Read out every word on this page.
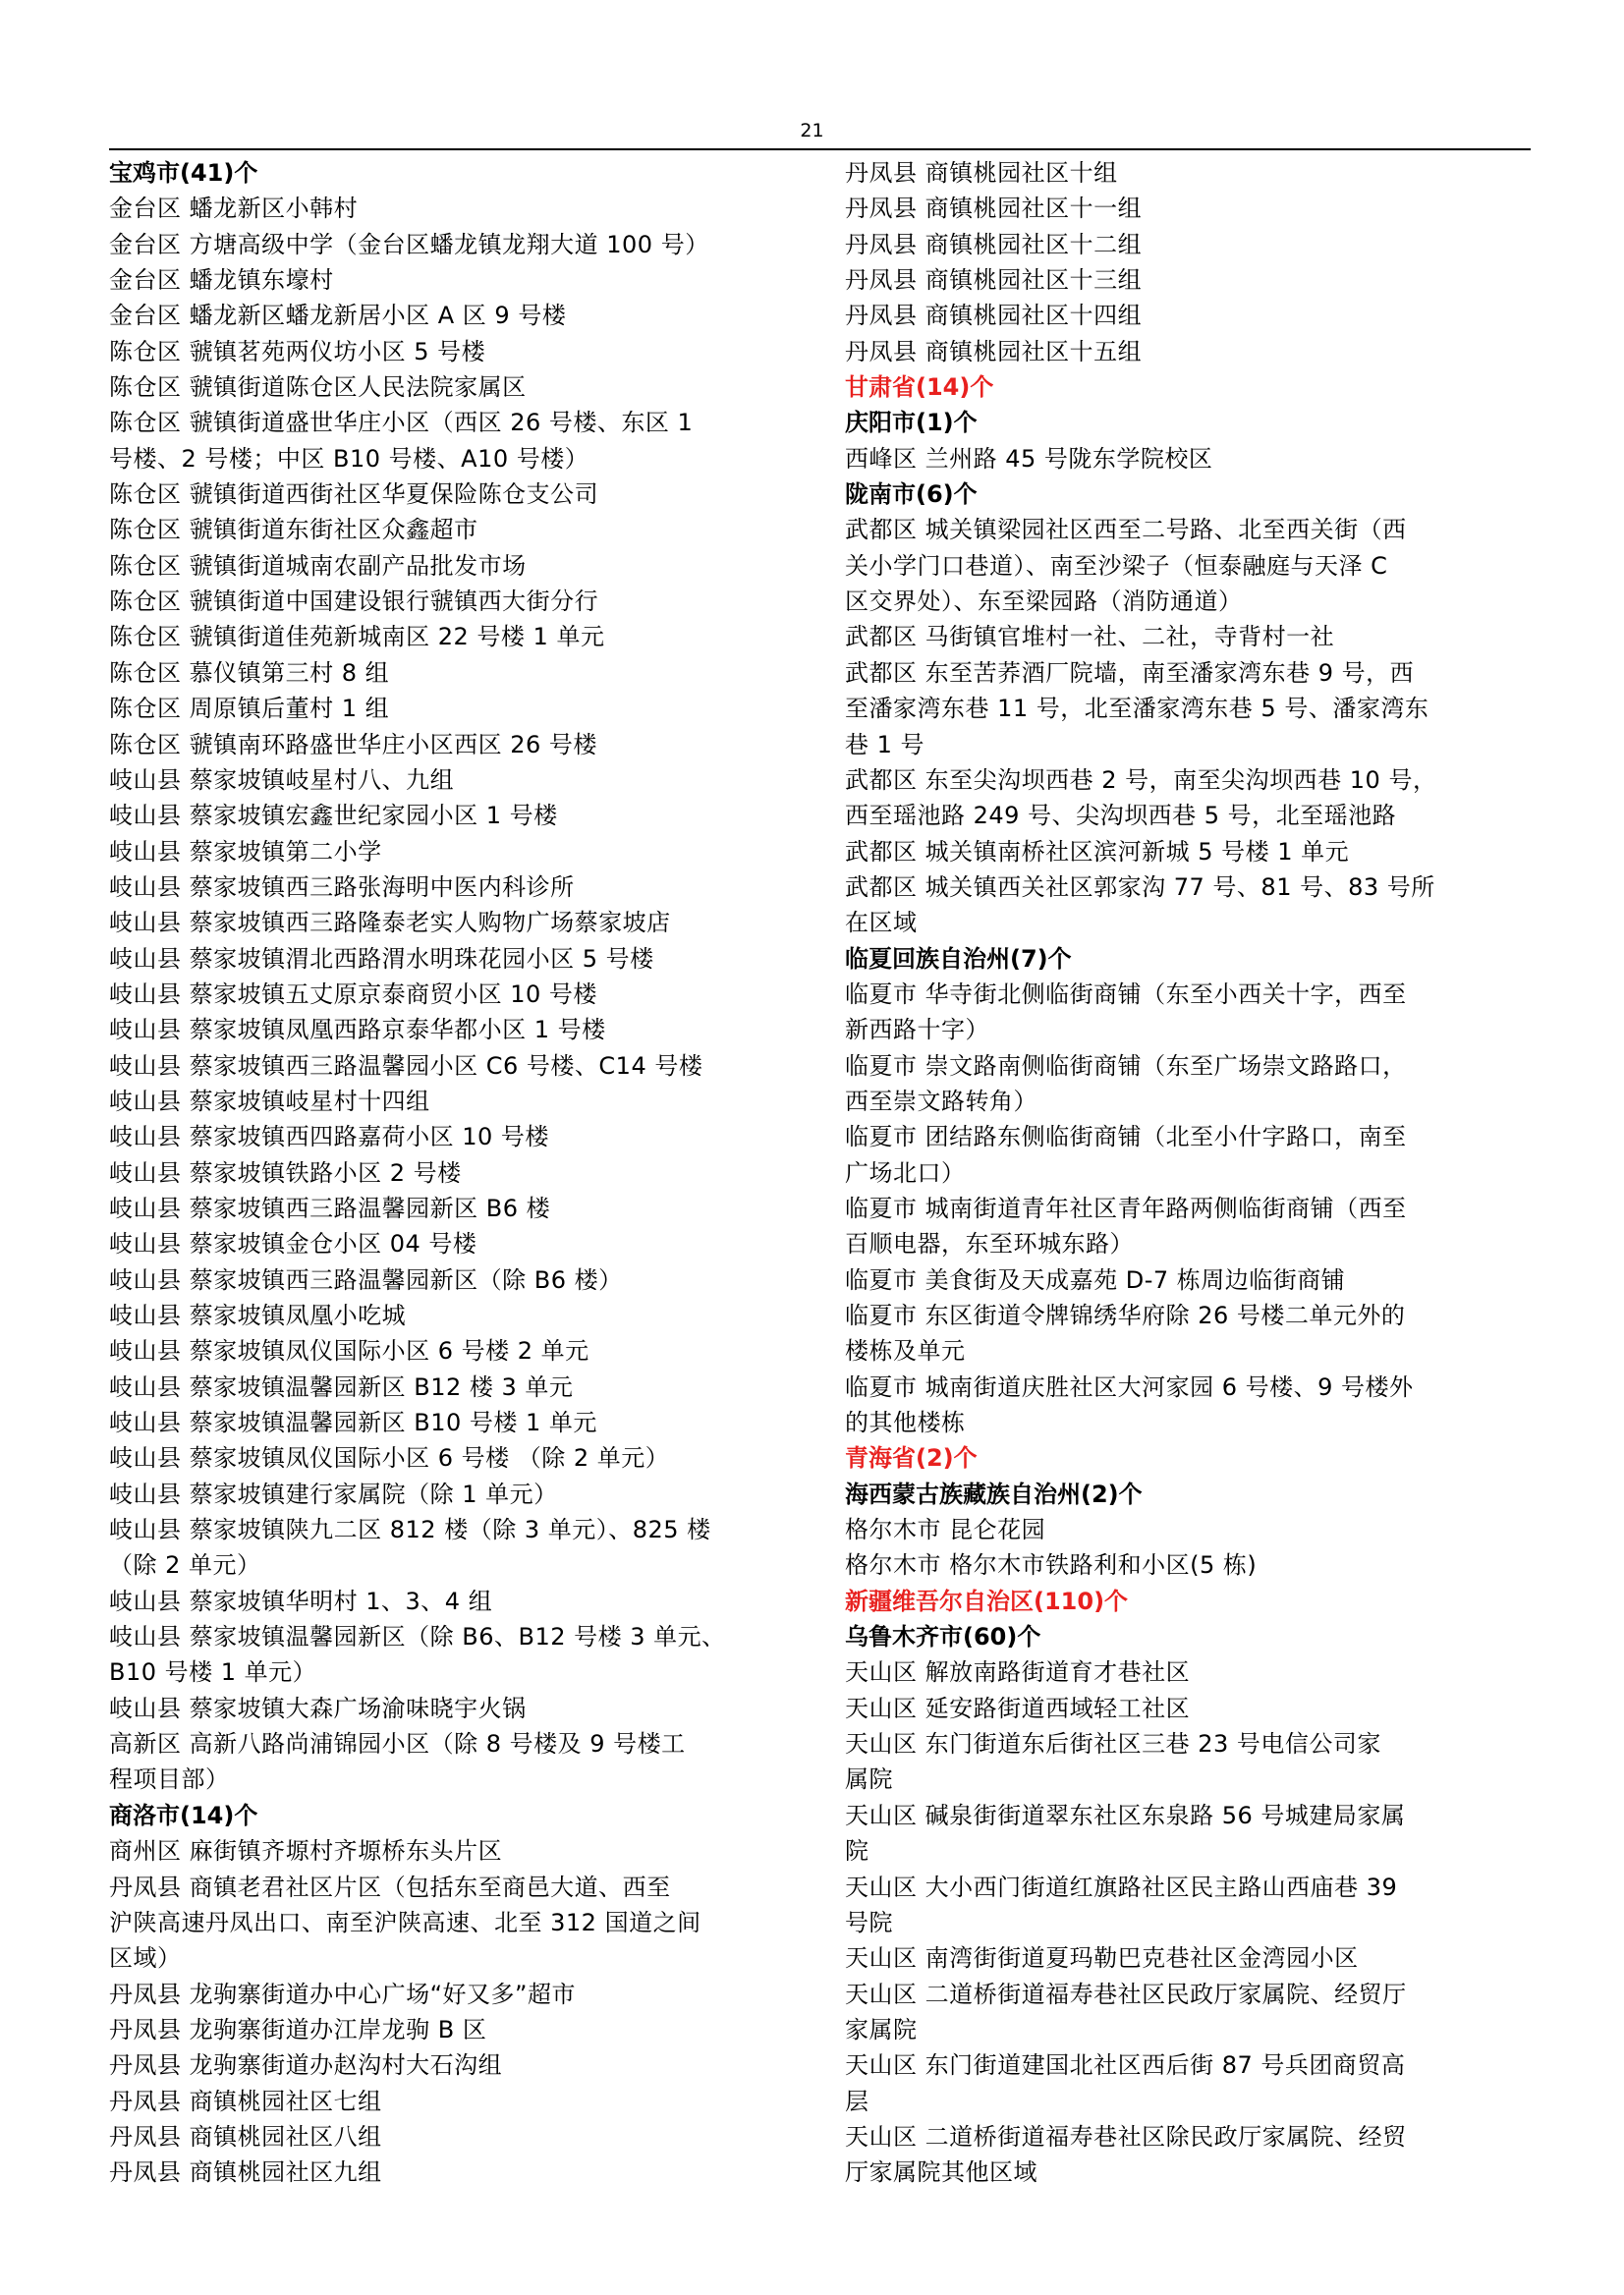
21
宝鸡市(41)个
金台区 蟠龙新区小韩村
金台区 方塘高级中学（金台区蟠龙镇龙翔大道 100 号）
金台区 蟠龙镇东壕村
金台区 蟠龙新区蟠龙新居小区 A 区 9 号楼
陈仓区 虢镇茗苑两仪坊小区 5 号楼
陈仓区 虢镇街道陈仓区人民法院家属区
陈仓区 虢镇街道盛世华庄小区（西区 26 号楼、东区 1
号楼、2 号楼；中区 B10 号楼、A10 号楼）
陈仓区 虢镇街道西街社区华夏保险陈仓支公司
陈仓区 虢镇街道东街社区众鑫超市
陈仓区 虢镇街道城南农副产品批发市场
陈仓区 虢镇街道中国建设银行虢镇西大街分行
陈仓区 虢镇街道佳苑新城南区 22 号楼 1 单元
陈仓区 慕仪镇第三村 8 组
陈仓区 周原镇后董村 1 组
陈仓区 虢镇南环路盛世华庄小区西区 26 号楼
岐山县 蔡家坡镇岐星村八、九组
岐山县 蔡家坡镇宏鑫世纪家园小区 1 号楼
岐山县 蔡家坡镇第二小学
岐山县 蔡家坡镇西三路张海明中医内科诊所
岐山县 蔡家坡镇西三路隆泰老实人购物广场蔡家坡店
岐山县 蔡家坡镇渭北西路渭水明珠花园小区 5 号楼
岐山县 蔡家坡镇五丈原京泰商贸小区 10 号楼
岐山县 蔡家坡镇凤凰西路京泰华都小区 1 号楼
岐山县 蔡家坡镇西三路温馨园小区 C6 号楼、C14 号楼
岐山县 蔡家坡镇岐星村十四组
岐山县 蔡家坡镇西四路嘉荷小区 10 号楼
岐山县 蔡家坡镇铁路小区 2 号楼
岐山县 蔡家坡镇西三路温馨园新区 B6 楼
岐山县 蔡家坡镇金仓小区 04 号楼
岐山县 蔡家坡镇西三路温馨园新区（除 B6 楼）
岐山县 蔡家坡镇凤凰小吃城
岐山县 蔡家坡镇凤仪国际小区 6 号楼 2 单元
岐山县 蔡家坡镇温馨园新区 B12 楼 3 单元
岐山县 蔡家坡镇温馨园新区 B10 号楼 1 单元
岐山县 蔡家坡镇凤仪国际小区 6 号楼 （除 2 单元）
岐山县 蔡家坡镇建行家属院（除 1 单元）
岐山县 蔡家坡镇陕九二区 812 楼（除 3 单元）、825 楼
（除 2 单元）
岐山县 蔡家坡镇华明村 1、3、4 组
岐山县 蔡家坡镇温馨园新区（除 B6、B12 号楼 3 单元、
B10 号楼 1 单元）
岐山县 蔡家坡镇大森广场渝味晓宇火锅
高新区 高新八路尚浦锦园小区（除 8 号楼及 9 号楼工
程项目部）
商洛市(14)个
商州区 麻街镇齐塬村齐塬桥东头片区
丹凤县 商镇老君社区片区（包括东至商邑大道、西至
沪陕高速丹凤出口、南至沪陕高速、北至 312 国道之间
区域）
丹凤县 龙驹寨街道办中心广场“好又多”超市
丹凤县 龙驹寨街道办江岸龙驹 B 区
丹凤县 龙驹寨街道办赵沟村大石沟组
丹凤县 商镇桃园社区七组
丹凤县 商镇桃园社区八组
丹凤县 商镇桃园社区九组
丹凤县 商镇桃园社区十组
丹凤县 商镇桃园社区十一组
丹凤县 商镇桃园社区十二组
丹凤县 商镇桃园社区十三组
丹凤县 商镇桃园社区十四组
丹凤县 商镇桃园社区十五组
甘肃省(14)个
庆阳市(1)个
西峰区 兰州路 45 号陇东学院校区
陇南市(6)个
武都区 城关镇梁园社区西至二号路、北至西关街（西
关小学门口巷道）、南至沙梁子（恒泰融庭与天泽 C
区交界处）、东至梁园路（消防通道）
武都区 马街镇官堆村一社、二社，寺背村一社
武都区 东至苦荞酒厂院墙，南至潘家湾东巷 9 号，西
至潘家湾东巷 11 号，北至潘家湾东巷 5 号、潘家湾东
巷 1 号
武都区 东至尖沟坝西巷 2 号，南至尖沟坝西巷 10 号，
西至瑶池路 249 号、尖沟坝西巷 5 号，北至瑶池路
武都区 城关镇南桥社区滨河新城 5 号楼 1 单元
武都区 城关镇西关社区郭家沟 77 号、81 号、83 号所
在区域
临夏回族自治州(7)个
临夏市 华寺街北侧临街商铺（东至小西关十字，西至
新西路十字）
临夏市 崇文路南侧临街商铺（东至广场崇文路路口，
西至崇文路转角）
临夏市 团结路东侧临街商铺（北至小什字路口，南至
广场北口）
临夏市 城南街道青年社区青年路两侧临街商铺（西至
百顺电器，东至环城东路）
临夏市 美食街及天成嘉苑 D-7 栋周边临街商铺
临夏市 东区街道令牌锦绣华府除 26 号楼二单元外的
楼栋及单元
临夏市 城南街道庆胜社区大河家园 6 号楼、9 号楼外
的其他楼栋
青海省(2)个
海西蒙古族藏族自治州(2)个
格尔木市 昆仑花园
格尔木市 格尔木市铁路利和小区(5 栋)
新疆维吾尔自治区(110)个
乌鲁木齐市(60)个
天山区 解放南路街道育才巷社区
天山区 延安路街道西域轻工社区
天山区 东门街道东后街社区三巷 23 号电信公司家
属院
天山区 碱泉街街道翠东社区东泉路 56 号城建局家属
院
天山区 大小西门街道红旗路社区民主路山西庙巷 39
号院
天山区 南湾街街道夏玛勒巴克巷社区金湾园小区
天山区 二道桥街道福寿巷社区民政厅家属院、经贸厅
家属院
天山区 东门街道建国北社区西后街 87 号兵团商贸高
层
天山区 二道桥街道福寿巷社区除民政厅家属院、经贸
厅家属院其他区域
